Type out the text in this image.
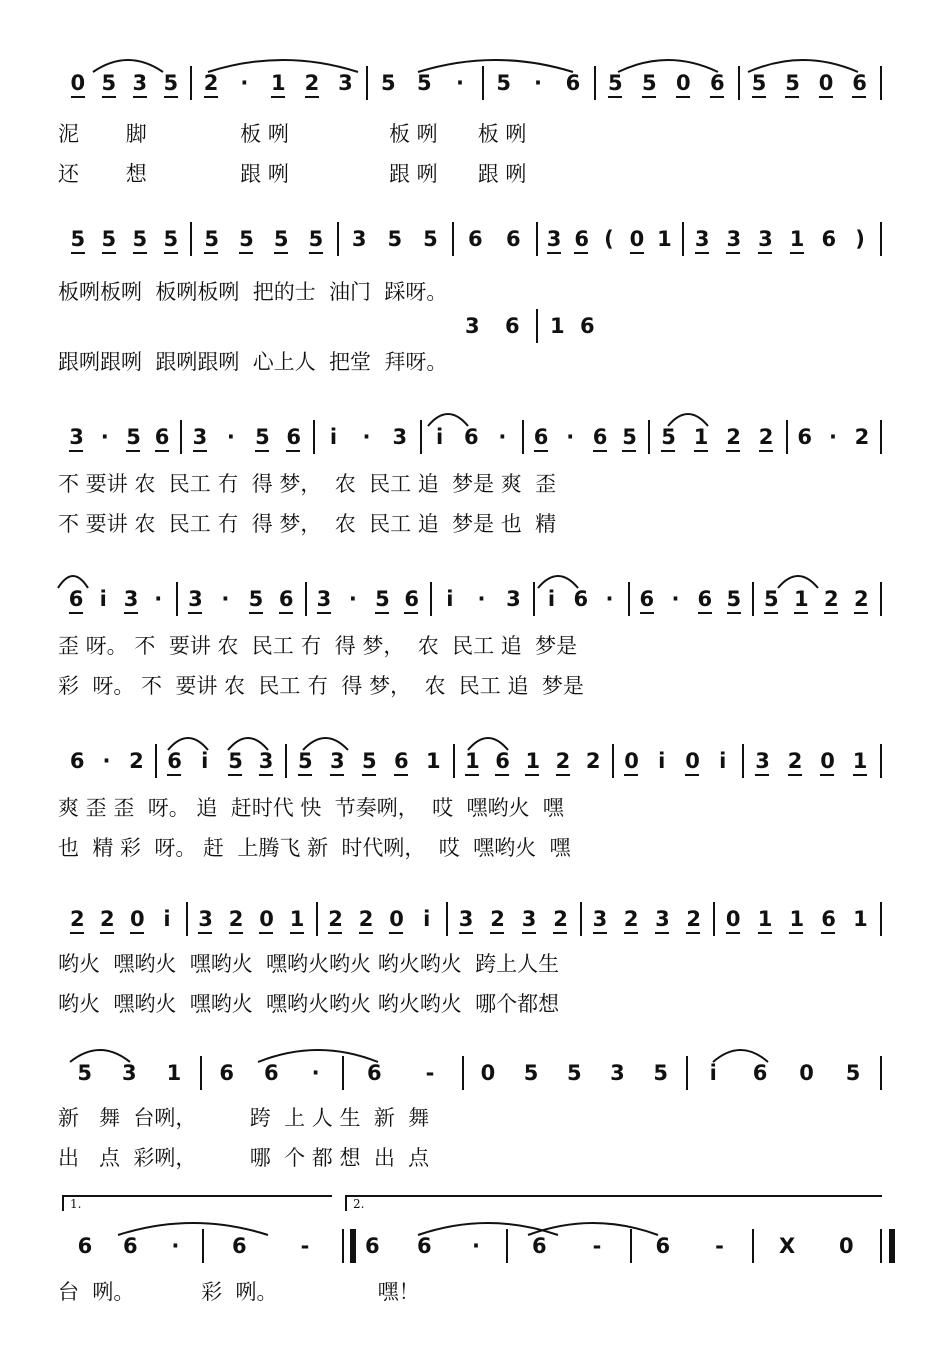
0 5 3 5 2 · 1 2 3 5 5 · 5 · 6 5 5 0 6 5 5 0 6
泥       脚              板 咧               板 咧      板 咧
还       想              跟 咧               跟 咧      跟 咧
5 5 5 5 5 5 5 5 3 5 5 6 6 3 6 ( 0 1 3 3 3 1 6 )
3 6 1 6
板咧板咧  板咧板咧  把的士  油门  踩呀。
跟咧跟咧  跟咧跟咧  心上人  把堂  拜呀。
3 · 5 6 3 · 5 6 i · 3 i 6 · 6 · 6 5 5 1 2 2 6 · 2
不 要讲 农  民工 冇  得 梦，  农  民工 追  梦是 爽  歪
不 要讲 农  民工 冇  得 梦，  农  民工 追  梦是 也  精
6 i 3 · 3 · 5 6 3 · 5 6 i · 3 i 6 · 6 · 6 5 5 1 2 2
歪 呀。 不  要讲 农  民工 冇  得 梦，  农  民工 追  梦是
彩  呀。 不  要讲 农  民工 冇  得 梦，  农  民工 追  梦是
6 · 2 6 i 5 3 5 3 5 6 1 1 6 1 2 2 0 i 0 i 3 2 0 1
爽 歪 歪  呀。 追  赶时代 快  节奏咧，  哎  嘿哟火  嘿
也  精 彩  呀。 赶  上腾飞 新  时代咧，  哎  嘿哟火  嘿
2 2 0 i 3 2 0 1 2 2 0 i 3 2 3 2 3 2 3 2 0 1 1 6 1
哟火  嘿哟火  嘿哟火  嘿哟火哟火 哟火哟火  跨上人生
哟火  嘿哟火  嘿哟火  嘿哟火哟火 哟火哟火  哪个都想
5 3 1 6 6 · 6 - 0 5 5 3 5 i 6 0 5
新   舞  台咧，        跨  上 人 生  新  舞
出   点  彩咧，        哪  个 都 想  出  点
6 6 ·	6	-	6 6 · 6 -	6 -	X 0
1.	2.
台  咧。          彩  咧。               嘿！
